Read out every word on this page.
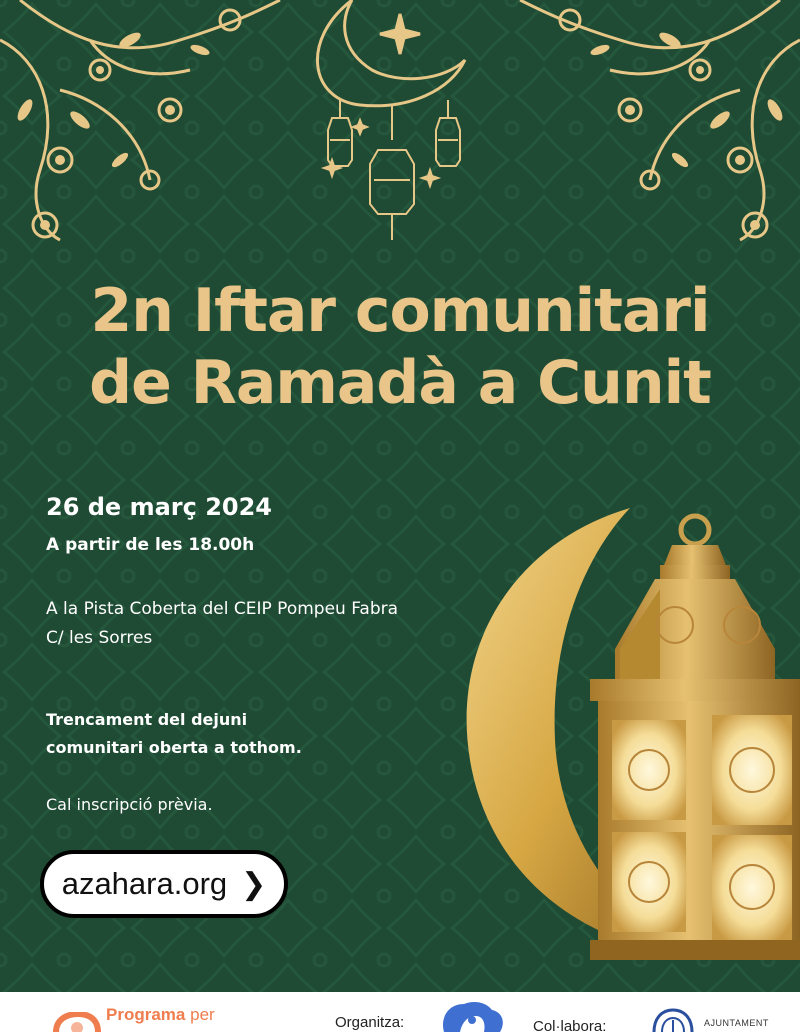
2n Iftar comunitari
de Ramadà a Cunit

26 de març 2024

A partir de les 18.00h

A la Pista Coberta del CEIP Pompeu Fabra
C/ les Sorres

Trencament del dejuni
comunitari oberta a tothom.

Cal inscripció prèvia.

azahara.org ❯
Programa per	Organitza:	Col·labora:	AJUNTAMENT
